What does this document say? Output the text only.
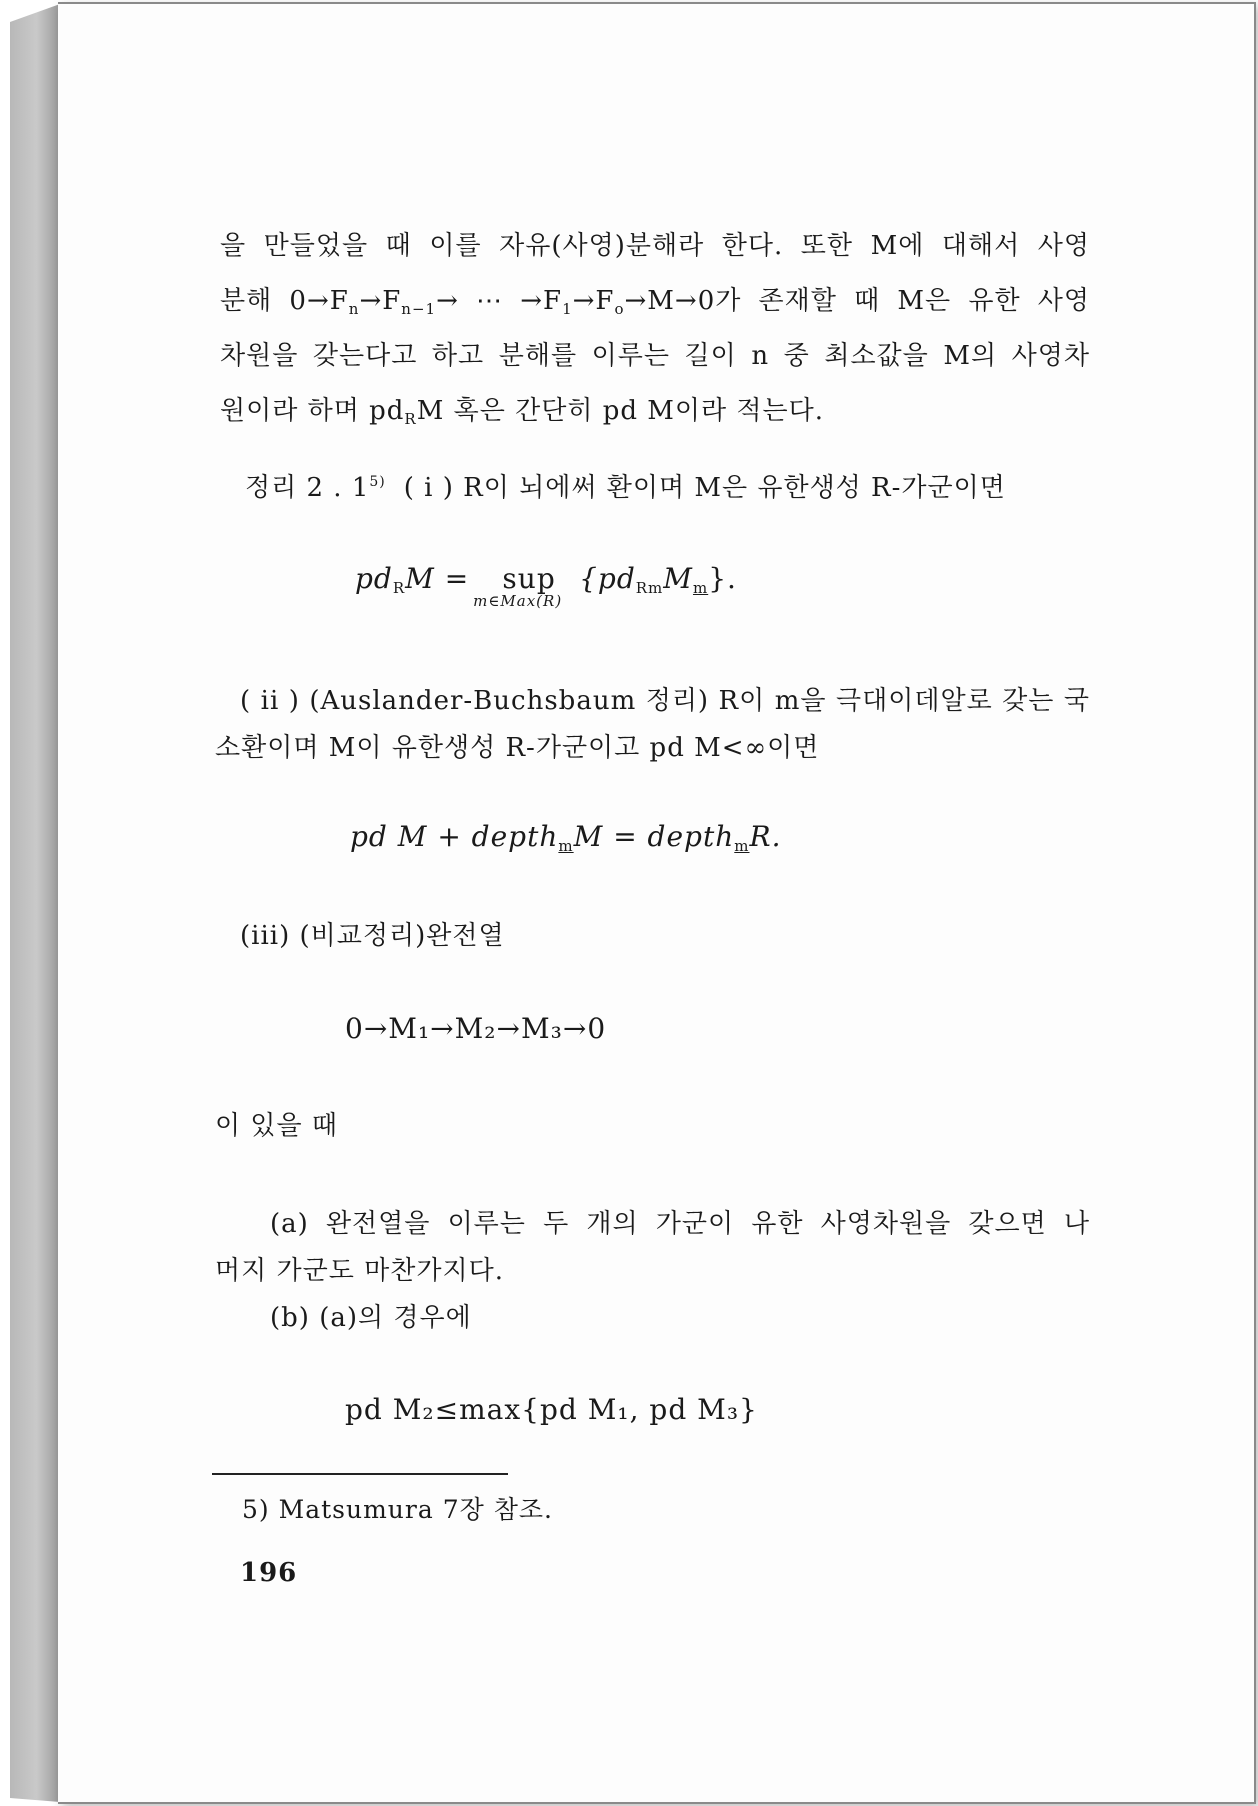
을 만들었을 때 이를 자유(사영)분해라 한다. 또한 M에 대해서 사영
분해 $0\to F_n\to F_{n-1}\to$ ⋯ $\to F_1\to F_o\to M\to 0$가 존재할 때 M은 유한 사영
차원을 갖는다고 하고 분해를 이루는 길이 n 중 최소값을 M의 사영차
원이라 하며 $pd_RM$ 혹은 간단히 pd M이라 적는다.
정리 2 . 1$^{5)}$ ( i ) R이 뇌에써 환이며 M은 유한생성 R-가군이면
$pd_RM$ = sup
m∈Max(R)
$\{pd_{Rm}M_m\}$.
( ii ) (Auslander-Buchsbaum 정리) R이 m을 극대이데알로 갖는 국
소환이며 M이 유한생성 R-가군이고 pd M<∞이면
pd M + depth$_m$M = depth$_m$R.
(iii) (비교정리)완전열
0→M₁→M₂→M₃→0
이 있을 때
(a) 완전열을 이루는 두 개의 가군이 유한 사영차원을 갖으면 나
머지 가군도 마찬가지다.
(b) (a)의 경우에
pd M₂≤max{pd M₁, pd M₃}
5) Matsumura 7장 참조.
196
